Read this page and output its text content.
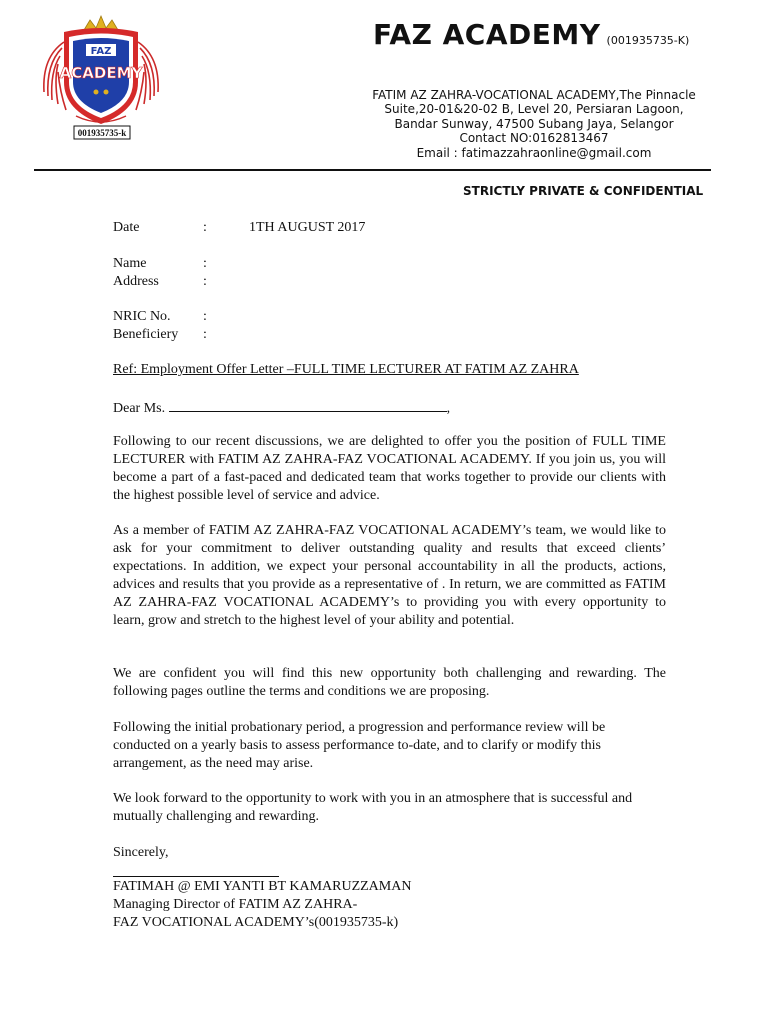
FAZ
ACADEMY
001935735-k
FAZ ACADEMY (001935735-K)
FATIM AZ ZAHRA-VOCATIONAL ACADEMY,The Pinnacle
Suite,20-01&20-02 B, Level 20, Persiaran Lagoon,
Bandar Sunway, 47500 Subang Jaya, Selangor
Contact NO:0162813467
Email : fatimazzahraonline@gmail.com
STRICTLY PRIVATE & CONFIDENTIAL
Date	:	1TH AUGUST 2017
Name	:
Address	:
NRIC No. :
Beneficiery :
Ref: Employment Offer Letter –FULL TIME LECTURER AT FATIM AZ ZAHRA
Dear Ms.	,
Following to our recent discussions, we are delighted to offer you the position of FULL TIME LECTURER with FATIM AZ ZAHRA-FAZ VOCATIONAL ACADEMY. If you join us, you will become a part of a fast-paced and dedicated team that works together to provide our clients with the highest possible level of service and advice.
As a member of FATIM AZ ZAHRA-FAZ VOCATIONAL ACADEMY’s team, we would like to ask for your commitment to deliver outstanding quality and results that exceed clients’ expectations. In addition, we expect your personal accountability in all the products, actions, advices and results that you provide as a representative of . In return, we are committed as FATIM AZ ZAHRA-FAZ VOCATIONAL ACADEMY’s to providing you with every opportunity to learn, grow and stretch to the highest level of your ability and potential.
We are confident you will find this new opportunity both challenging and rewarding. The following pages outline the terms and conditions we are proposing.
Following the initial probationary period, a progression and performance review will be conducted on a yearly basis to assess performance to-date, and to clarify or modify this arrangement, as the need may arise.
We look forward to the opportunity to work with you in an atmosphere that is successful and mutually challenging and rewarding.
Sincerely,
FATIMAH @ EMI YANTI BT KAMARUZZAMAN
Managing Director of FATIM AZ ZAHRA-
FAZ VOCATIONAL ACADEMY’s(001935735-k)
